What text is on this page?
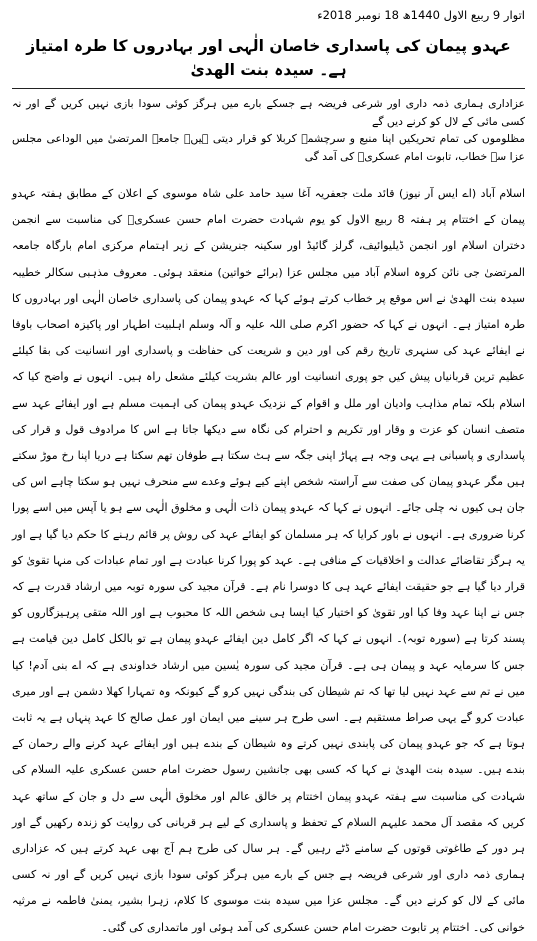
اتوار 9 ربیع الاول 1440ھ 18 نومبر 2018ء
عہدو پیمان کی پاسداری خاصان الٰہی اور بہادروں کا طرہ امتیاز ہے۔ سیدہ بنت الھدیٰ

عزاداری ہماری ذمہ داری اور شرعی فریضہ ہے جسکے بارے میں ہرگز کوئی سودا بازی نہیں کریں گے اور نہ کسی مائی کے لال کو کرنے دیں گے

مظلوموں کی تمام تحریکیں اپنا منبع و سرچشمہ کربلا کو قرار دیتی ہیں۔ جامعہ المرتضیٰ میں الوداعی مجلس عزا سے خطاب، تابوت امام عسکریؑ کی آمد گی

اسلام آباد (اے ایس آر نیوز) قائد ملت جعفریہ آغا سید حامد علی شاہ موسوی کے اعلان کے مطابق ہفتہ عہدو پیمان کے اختتام پر ہفتہ 8 ربیع الاول کو یوم شہادت حضرت امام حسن عسکریؑ کی مناسبت سے انجمن دختران اسلام اور انجمن ڈیلیوائیف، گرلز گائیڈ اور سکینہ جنریشن کے زیر اہتمام مرکزی امام بارگاہ جامعہ المرتضیٰ جی نائن کروہ اسلام آباد میں مجلس عزا (برائے خواتین) منعقد ہوئی۔ معروف مذہبی سکالر خطیبہ سیدہ بنت الھدیٰ نے اس موقع پر خطاب کرتے ہوئے کہا کہ عہدو پیمان کی پاسداری خاصان الٰہی اور بہادروں کا طرہ امتیاز ہے۔ انہوں نے کہا کہ حضور اکرم صلی اللہ علیہ و آلہ وسلم اہلبیت اطہار اور پاکیزہ اصحاب باوفا نے ایفائے عہد کی سنہری تاریخ رقم کی اور دین و شریعت کی حفاظت و پاسداری اور انسانیت کی بقا کیلئے عظیم ترین قربانیاں پیش کیں جو پوری انسانیت اور عالم بشریت کیلئے مشعل راہ ہیں۔ انہوں نے واضح کیا کہ اسلام بلکہ تمام مذاہب وادیان اور ملل و اقوام کے نزدیک عہدو پیمان کی اہمیت مسلم ہے اور ایفائے عہد سے متصف انسان کو عزت و وقار اور تکریم و احترام کی نگاہ سے دیکھا جاتا ہے اس کا مرادوف قول و قرار کی پاسداری و پاسبانی ہے یہی وجہ ہے پہاڑ اپنی جگہ سے ہٹ سکتا ہے طوفان تھم سکتا ہے دریا اپنا رخ موڑ سکتے ہیں مگر عہدو پیمان کی صفت سے آراستہ شخص اپنے کیے ہوئے وعدے سے منحرف نہیں ہو سکتا چاہے اس کی جان ہی کیوں نہ چلی جائے۔ انہوں نے کہا کہ عہدو پیمان ذات الٰہی و مخلوق الٰہی سے ہو یا آپس میں اسے پورا کرنا ضروری ہے۔ انہوں نے باور کرایا کہ ہر مسلمان کو ایفائے عہد کی روش پر قائم رہنے کا حکم دیا گیا ہے اور یہ ہرگز تقاضائے عدالت و اخلاقیات کے منافی ہے۔ عہد کو پورا کرنا عبادت ہے اور تمام عبادات کی منہا تقویٰ کو قرار دیا گیا ہے جو حقیقت ایفائے عہد ہی کا دوسرا نام ہے۔ قرآن مجید کی سورہ توبہ میں ارشاد قدرت ہے کہ جس نے اپنا عہد وفا کیا اور تقویٰ کو اختیار کیا ایسا ہی شخص اللہ کا محبوب ہے اور اللہ متقی پرہیزگاروں کو پسند کرتا ہے (سورہ توبہ)۔ انہوں نے کہا کہ اگر کامل دین ایفائے عہدو پیمان ہے تو بالکل کامل دین قیامت ہے جس کا سرمایہ عہد و پیمان ہی ہے۔ قرآن مجید کی سورہ یٰسین میں ارشاد خداوندی ہے کہ اے بنی آدم! کیا میں نے تم سے عہد نہیں لیا تھا کہ تم شیطان کی بندگی نہیں کرو گے کیونکہ وہ تمہارا کھلا دشمن ہے اور میری عبادت کرو گے یہی صراط مستقیم ہے۔ اسی طرح ہر سینے میں ایمان اور عمل صالح کا عہد پنہاں ہے یہ ثابت ہوتا ہے کہ جو عہدو پیمان کی پابندی نہیں کرتے وہ شیطان کے بندے ہیں اور ایفائے عہد کرنے والے رحمان کے بندے ہیں۔ سیدہ بنت الھدیٰ نے کہا کہ کسی بھی جانشین رسول حضرت امام حسن عسکری علیہ السلام کی شہادت کی مناسبت سے ہفتہ عہدو پیمان اختتام پر خالق عالم اور مخلوق الٰہی سے دل و جان کے ساتھ عہد کریں کہ مقصد آل محمد علیہم السلام کے تحفظ و پاسداری کے لیے ہر قربانی کی روایت کو زندہ رکھیں گے اور ہر دور کے طاغوتی قوتوں کے سامنے ڈٹے رہیں گے۔ ہر سال کی طرح ہم آج بھی عہد کرتے ہیں کہ عزاداری ہماری ذمہ داری اور شرعی فریضہ ہے جس کے بارے میں ہرگز کوئی سودا بازی نہیں کریں گے اور نہ کسی مائی کے لال کو کرنے دیں گے۔ مجلس عزا میں سیدہ بنت موسوی کا کلام، زہرا بشیر، یمنیٰ فاطمہ نے مرثیہ خوانی کی۔ اختتام پر تابوت حضرت امام حسن عسکری کی آمد ہوئی اور ماتمداری کی گئی۔
